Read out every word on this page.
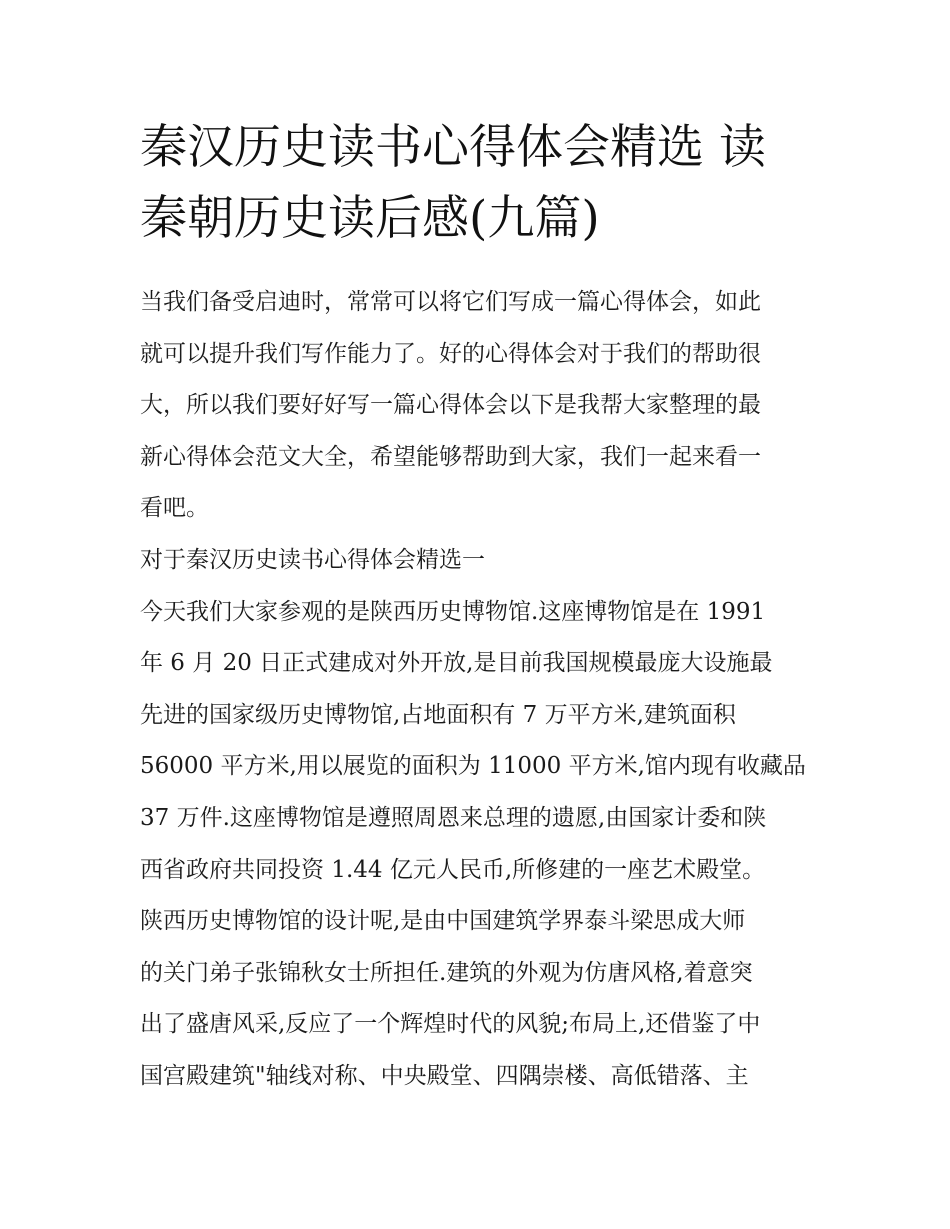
秦汉历史读书心得体会精选 读
秦朝历史读后感(九篇)

当我们备受启迪时，常常可以将它们写成一篇心得体会，如此
就可以提升我们写作能力了。好的心得体会对于我们的帮助很
大，所以我们要好好写一篇心得体会以下是我帮大家整理的最
新心得体会范文大全，希望能够帮助到大家，我们一起来看一
看吧。

对于秦汉历史读书心得体会精选一

今天我们大家参观的是陕西历史博物馆.这座博物馆是在 1991
年 6 月 20 日正式建成对外开放,是目前我国规模最庞大设施最
先进的国家级历史博物馆,占地面积有 7 万平方米,建筑面积
56000 平方米,用以展览的面积为 11000 平方米,馆内现有收藏品
37 万件.这座博物馆是遵照周恩来总理的遗愿,由国家计委和陕
西省政府共同投资 1.44 亿元人民币,所修建的一座艺术殿堂。

陕西历史博物馆的设计呢,是由中国建筑学界泰斗梁思成大师
的关门弟子张锦秋女士所担任.建筑的外观为仿唐风格,着意突
出了盛唐风采,反应了一个辉煌时代的风貌;布局上,还借鉴了中
国宫殿建筑"轴线对称、中央殿堂、四隅崇楼、高低错落、主
